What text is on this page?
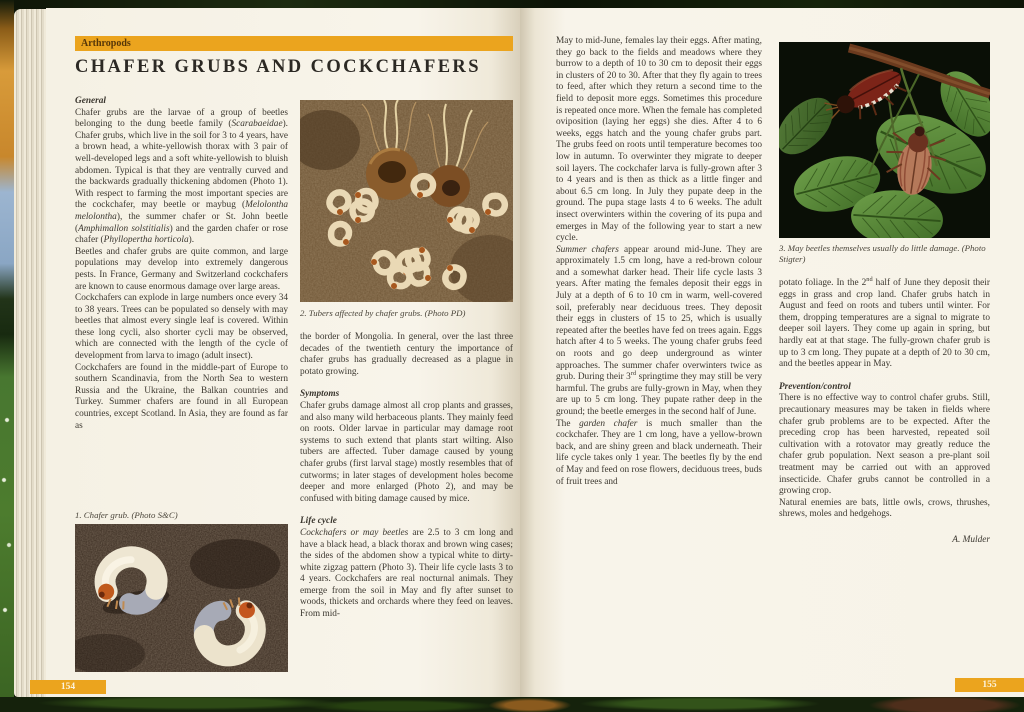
Arthropods
CHAFER GRUBS AND COCKCHAFERS
General

Chafer grubs are the larvae of a group of beetles belonging to the dung beetle family (Scarabaeidae). Chafer grubs, which live in the soil for 3 to 4 years, have a brown head, a white-yellowish thorax with 3 pair of well-developed legs and a soft white-yellowish to bluish abdomen. Typical is that they are ventrally curved and the backwards gradually thickening abdomen (Photo 1). With respect to farming the most important species are the cockchafer, may beetle or maybug (Melolontha melolontha), the summer chafer or St. John beetle (Amphimallon solstitialis) and the garden chafer or rose chafer (Phyllopertha horticola).

Beetles and chafer grubs are quite common, and large populations may develop into extremely dangerous pests. In France, Germany and Switzerland cockchafers are known to cause enormous damage over large areas.

Cockchafers can explode in large numbers once every 34 to 38 years. Trees can be populated so densely with may beetles that almost every single leaf is covered. Within these long cycli, also shorter cycli may be observed, which are connected with the length of the cycle of development from larva to imago (adult insect).

Cockchafers are found in the middle-part of Europe to southern Scandinavia, from the North Sea to western Russia and the Ukraine, the Balkan countries and Turkey. Summer chafers are found in all European countries, except Scotland. In Asia, they are found as far as

1. Chafer grub. (Photo S&C)
2. Tubers affected by chafer grubs. (Photo PD)

the border of Mongolia. In general, over the last three decades of the twentieth century the importance of chafer grubs has gradually decreased as a plague in potato growing.

Symptoms

Chafer grubs damage almost all crop plants and grasses, and also many wild herbaceous plants. They mainly feed on roots. Older larvae in particular may damage root systems to such extend that plants start wilting. Also tubers are affected. Tuber damage caused by young chafer grubs (first larval stage) mostly resembles that of cutworms; in later stages of development holes become deeper and more enlarged (Photo 2), and may be confused with biting damage caused by mice.

Life cycle

Cockchafers or may beetles are 2.5 to 3 cm long and have a black head, a black thorax and brown wing cases; the sides of the abdomen show a typical white to dirty-white zigzag pattern (Photo 3). Their life cycle lasts 3 to 4 years. Cockchafers are real nocturnal animals. They emerge from the soil in May and fly after sunset to woods, thickets and orchards where they feed on leaves. From mid-

154

May to mid-June, females lay their eggs. After mating, they go back to the fields and meadows where they burrow to a depth of 10 to 30 cm to deposit their eggs in clusters of 20 to 30. After that they fly again to trees to feed, after which they return a second time to the field to deposit more eggs. Sometimes this procedure is repeated once more. When the female has completed oviposition (laying her eggs) she dies. After 4 to 6 weeks, eggs hatch and the young chafer grubs part. The grubs feed on roots until temperature becomes too low in autumn. To overwinter they migrate to deeper soil layers. The cockchafer larva is fully-grown after 3 to 4 years and is then as thick as a little finger and about 6.5 cm long. In July they pupate deep in the ground. The pupa stage lasts 4 to 6 weeks. The adult insect overwinters within the covering of its pupa and emerges in May of the following year to start a new cycle.

Summer chafers appear around mid-June. They are approximately 1.5 cm long, have a red-brown colour and a somewhat darker head. Their life cycle lasts 3 years. After mating the females deposit their eggs in July at a depth of 6 to 10 cm in warm, well-covered soil, preferably near deciduous trees. They deposit their eggs in clusters of 15 to 25, which is usually repeated after the beetles have fed on trees again. Eggs hatch after 4 to 5 weeks. The young chafer grubs feed on roots and go deep underground as winter approaches. The summer chafer overwinters twice as grub. During their 3rd springtime they may still be very harmful. The grubs are fully-grown in May, when they are up to 5 cm long. They pupate rather deep in the ground; the beetle emerges in the second half of June.

The garden chafer is much smaller than the cockchafer. They are 1 cm long, have a yellow-brown back, and are shiny green and black underneath. Their life cycle takes only 1 year. The beetles fly by the end of May and feed on rose flowers, deciduous trees, buds of fruit trees and

3. May beetles themselves usually do little damage. (Photo Stigter)

potato foliage. In the 2nd half of June they deposit their eggs in grass and crop land. Chafer grubs hatch in August and feed on roots and tubers until winter. For them, dropping temperatures are a signal to migrate to deeper soil layers. They come up again in spring, but hardly eat at that stage. The fully-grown chafer grub is up to 3 cm long. They pupate at a depth of 20 to 30 cm, and the beetles appear in May.

Prevention/control

There is no effective way to control chafer grubs. Still, precautionary measures may be taken in fields where chafer grub problems are to be expected. After the preceding crop has been harvested, repeated soil cultivation with a rotovator may greatly reduce the chafer grub population. Next season a pre-plant soil treatment may be carried out with an approved insecticide. Chafer grubs cannot be controlled in a growing crop.

Natural enemies are bats, little owls, crows, thrushes, shrews, moles and hedgehogs.

A. Mulder
155
